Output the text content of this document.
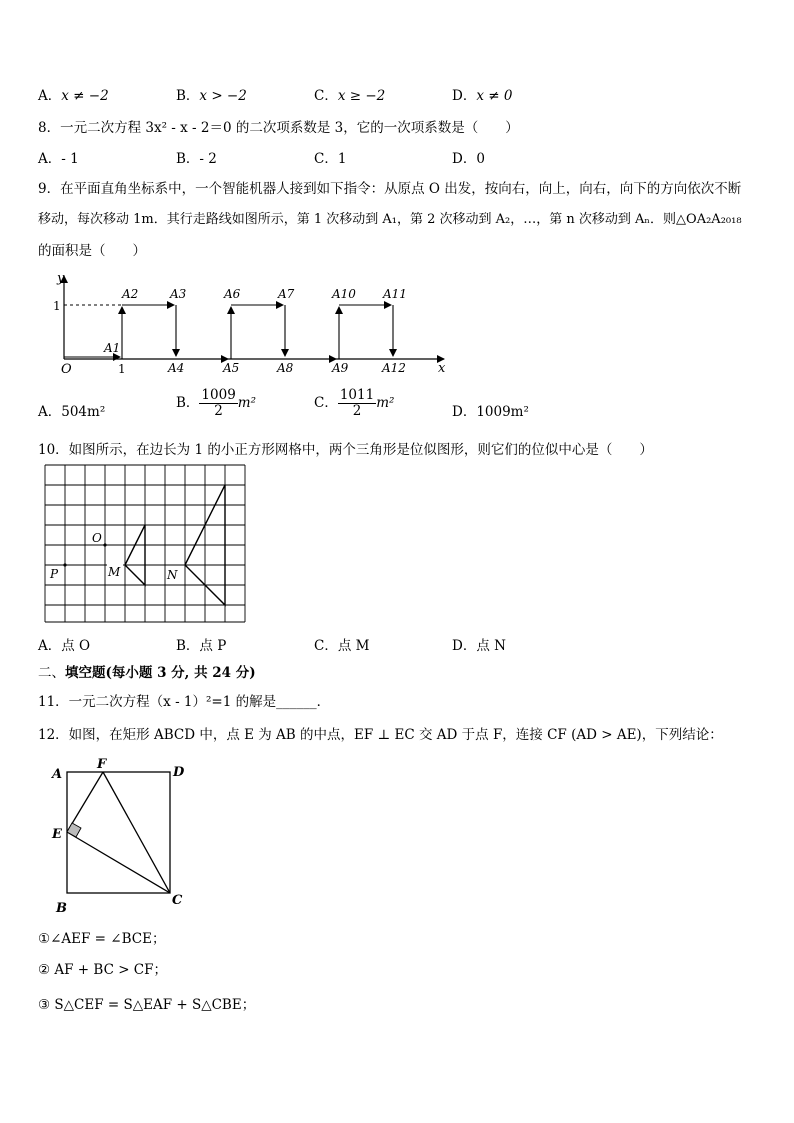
A．x ≠ −2	B．x > −2	C．x ≥ −2	D．x ≠ 0
8．一元二次方程 3x² - x - 2＝0 的二次项系数是 3，它的一次项系数是（　　）
A．- 1	B．- 2	C．1	D．0
9．在平面直角坐标系中，一个智能机器人接到如下指令：从原点 O 出发，按向右，向上，向右，向下的方向依次不断
移动，每次移动 1m．其行走路线如图所示，第 1 次移动到 A₁，第 2 次移动到 A₂，…，第 n 次移动到 Aₙ．则△OA₂A₂₀₁₈
的面积是（　　）
y
x
O
1
1
A1
A2	A3
A4	A5
A6	A7
A8	A9
A10 A11
A12
A．504m²
B． $\frac{1009}{2} m^2$	C． $\frac{1011}{2} m^2$
D．1009m²
10．如图所示，在边长为 1 的小正方形网格中，两个三角形是位似图形，则它们的位似中心是（　　）
O
P	M	N
A．点 O	B．点 P	C．点 M	D．点 N
二、填空题(每小题 3 分, 共 24 分)
11．一元二次方程（x - 1）²=1 的解是______．
12．如图，在矩形 ABCD 中，点 E 为 AB 的中点，EF ⊥ EC 交 AD 于点 F，连接 CF (AD > AE)，下列结论：
A
F
D
E
B
C
①∠AEF = ∠BCE；
② AF + BC > CF；
③ S△CEF = S△EAF + S△CBE；
